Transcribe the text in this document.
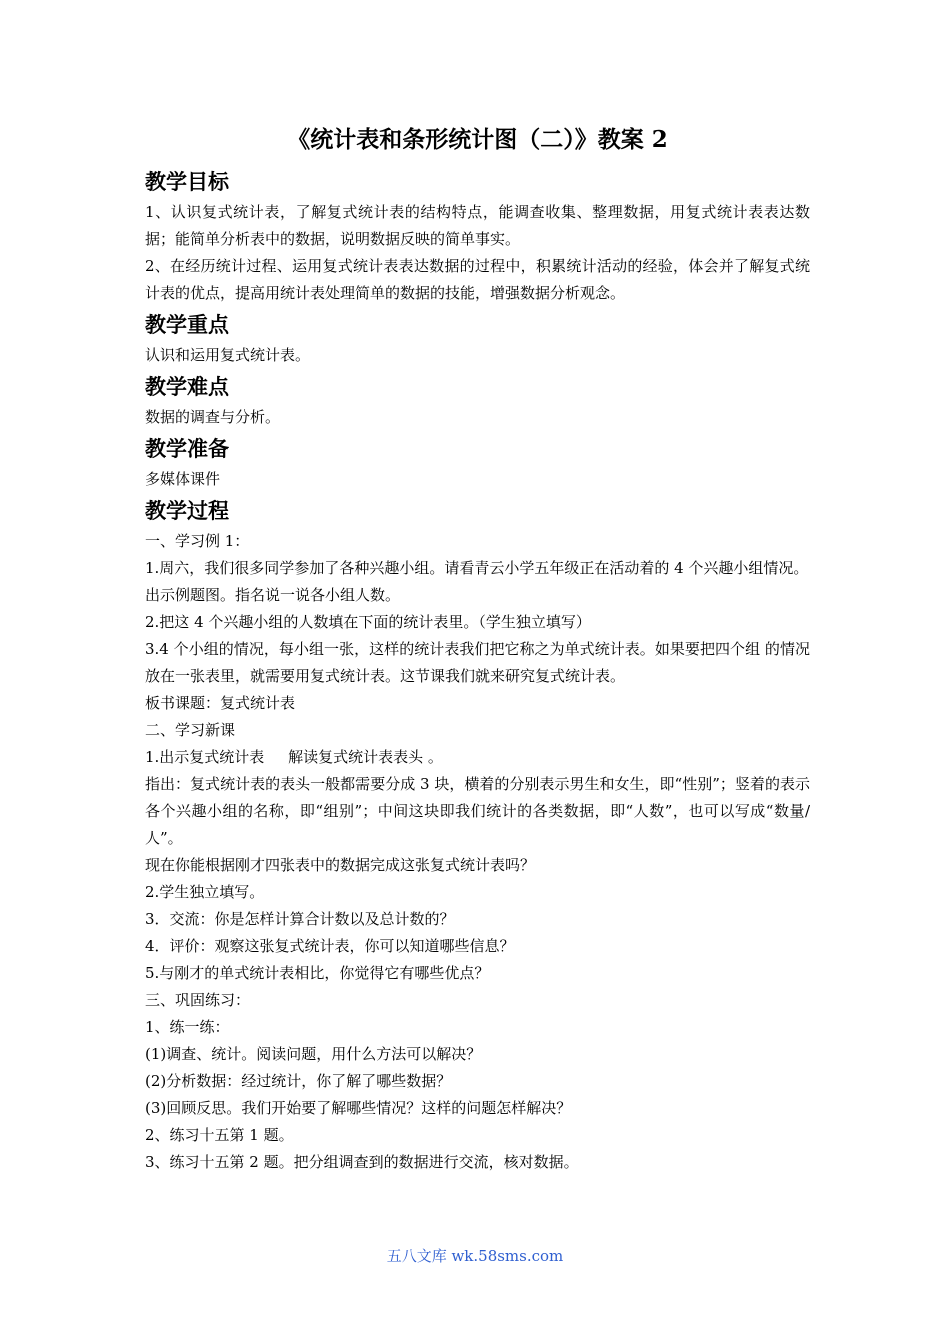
《统计表和条形统计图（二）》教案 2
教学目标

1、认识复式统计表，了解复式统计表的结构特点，能调查收集、整理数据，用复式统计表表达数据；能简单分析表中的数据，说明数据反映的简单事实。

2、在经历统计过程、运用复式统计表表达数据的过程中，积累统计活动的经验，体会并了解复式统计表的优点，提高用统计表处理简单的数据的技能，增强数据分析观念。

教学重点

认识和运用复式统计表。

教学难点

数据的调查与分析。

教学准备

多媒体课件

教学过程

一、学习例 1：

1.周六，我们很多同学参加了各种兴趣小组。请看青云小学五年级正在活动着的 4 个兴趣小组情况。

出示例题图。指名说一说各小组人数。

2.把这 4 个兴趣小组的人数填在下面的统计表里。（学生独立填写）

3.4 个小组的情况，每小组一张，这样的统计表我们把它称之为单式统计表。如果要把四个组 的情况放在一张表里，就需要用复式统计表。这节课我们就来研究复式统计表。

板书课题：复式统计表

二、学习新课

1.出示复式统计表     解读复式统计表表头 。

指出：复式统计表的表头一般都需要分成 3 块，横着的分别表示男生和女生，即“性别”；竖着的表示各个兴趣小组的名称，即“组别”；中间这块即我们统计的各类数据，即“人数”，也可以写成“数量/人”。

现在你能根据刚才四张表中的数据完成这张复式统计表吗？

2.学生独立填写。

3．交流：你是怎样计算合计数以及总计数的？

4．评价：观察这张复式统计表，你可以知道哪些信息？

5.与刚才的单式统计表相比，你觉得它有哪些优点？

三、巩固练习：

1、练一练：

(1)调查、统计。阅读问题，用什么方法可以解决？

(2)分析数据：经过统计，你了解了哪些数据？

(3)回顾反思。我们开始要了解哪些情况？这样的问题怎样解决？

2、练习十五第 1 题。

3、练习十五第 2 题。把分组调查到的数据进行交流，核对数据。

五八文库 wk.58sms.com
